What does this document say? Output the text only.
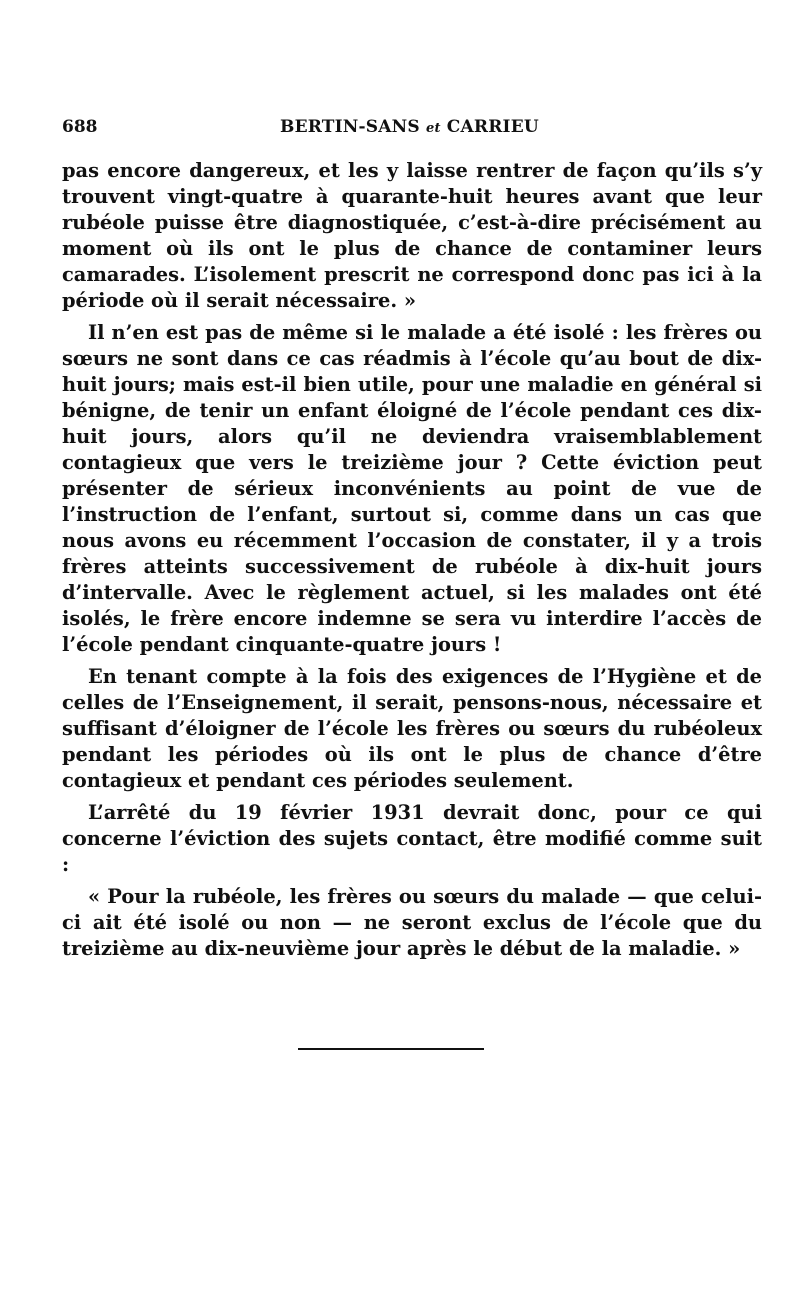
688	BERTIN-SANS et CARRIEU

pas encore dangereux, et les y laisse rentrer de façon qu’ils s’y trouvent vingt-quatre à quarante-huit heures avant que leur rubéole puisse être diagnostiquée, c’est-à-dire précisément au moment où ils ont le plus de chance de contaminer leurs camarades. L’isolement prescrit ne correspond donc pas ici à la période où il serait nécessaire. »

Il n’en est pas de même si le malade a été isolé : les frères ou sœurs ne sont dans ce cas réadmis à l’école qu’au bout de dix-huit jours; mais est-il bien utile, pour une maladie en général si bénigne, de tenir un enfant éloigné de l’école pendant ces dix-huit jours, alors qu’il ne deviendra vraisemblablement contagieux que vers le treizième jour ? Cette éviction peut présenter de sérieux inconvénients au point de vue de l’instruction de l’enfant, surtout si, comme dans un cas que nous avons eu récemment l’occasion de constater, il y a trois frères atteints successivement de rubéole à dix-huit jours d’intervalle. Avec le règlement actuel, si les malades ont été isolés, le frère encore indemne se sera vu interdire l’accès de l’école pendant cinquante-quatre jours !

En tenant compte à la fois des exigences de l’Hygiène et de celles de l’Enseignement, il serait, pensons-nous, nécessaire et suffisant d’éloigner de l’école les frères ou sœurs du rubéoleux pendant les périodes où ils ont le plus de chance d’être contagieux et pendant ces périodes seulement.

L’arrêté du 19 février 1931 devrait donc, pour ce qui concerne l’éviction des sujets contact, être modifié comme suit :

« Pour la rubéole, les frères ou sœurs du malade — que celui-ci ait été isolé ou non — ne seront exclus de l’école que du treizième au dix-neuvième jour après le début de la maladie. »
